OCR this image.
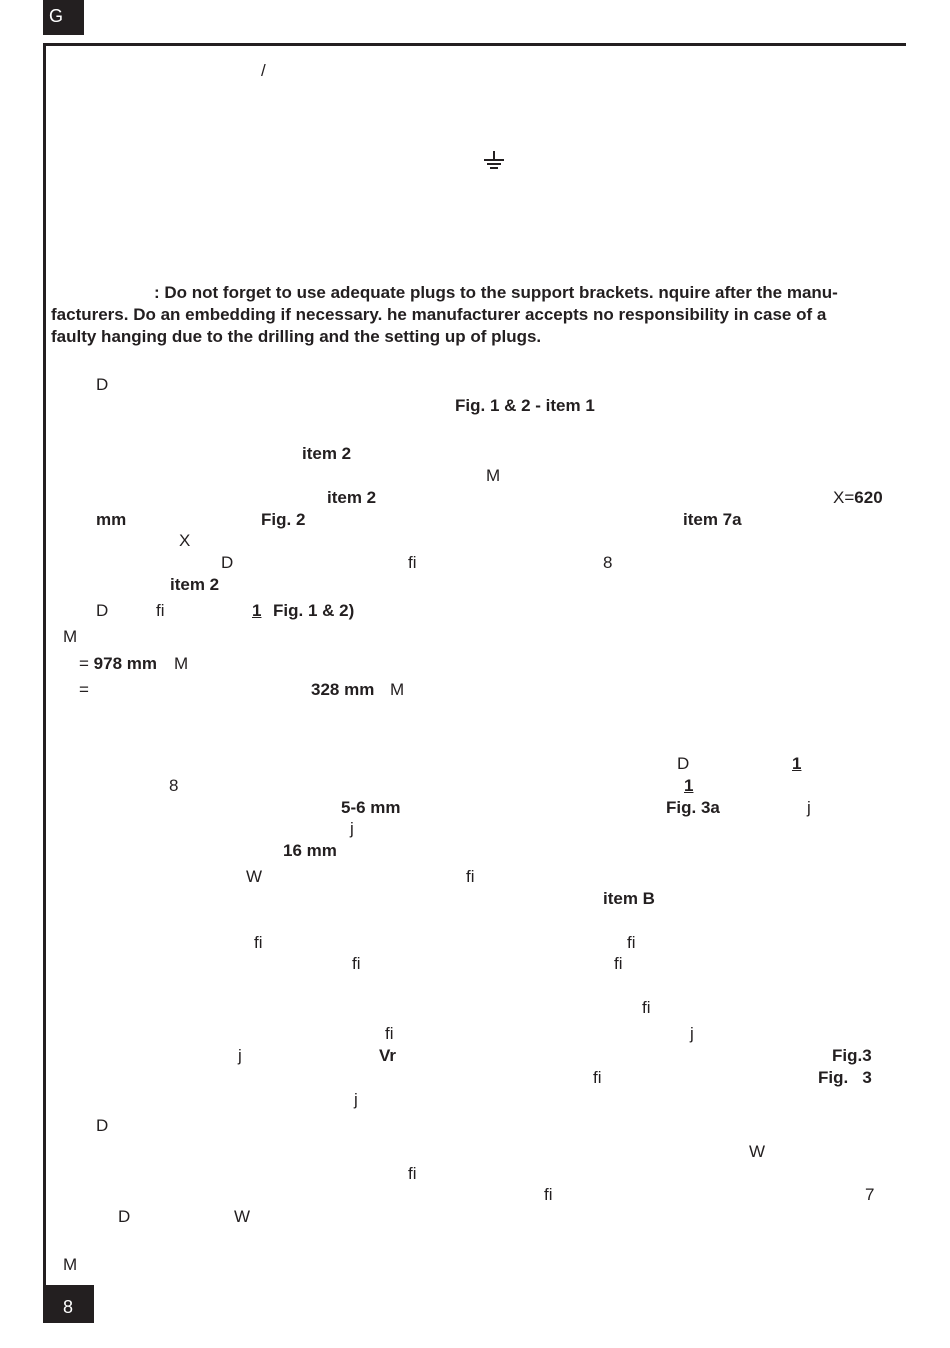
G
/

: Do not forget to use adequate plugs to the support brackets. nquire after the manu-

facturers. Do an embedding if necessary. he manufacturer accepts no responsibility in case of a

faulty hanging due to the drilling and the setting up of plugs.

D
Fig. 1 & 2 - item 1
item 2
M
item 2	X=620
mm	Fig. 2	item 7a
X
D	fi	8
item 2
D	fi	1 Fig. 1 & 2)
M
= 978 mm M
=	328 mm M
D	1
8	1
5-6 mm	Fig. 3a	j
j
16 mm
W	fi
item B
fi	fi
fi	fi
fi
fi	j
j	Vr	Fig.3
fi	Fig.   3
j
D
W
fi
fi	7
D	W
M
8
